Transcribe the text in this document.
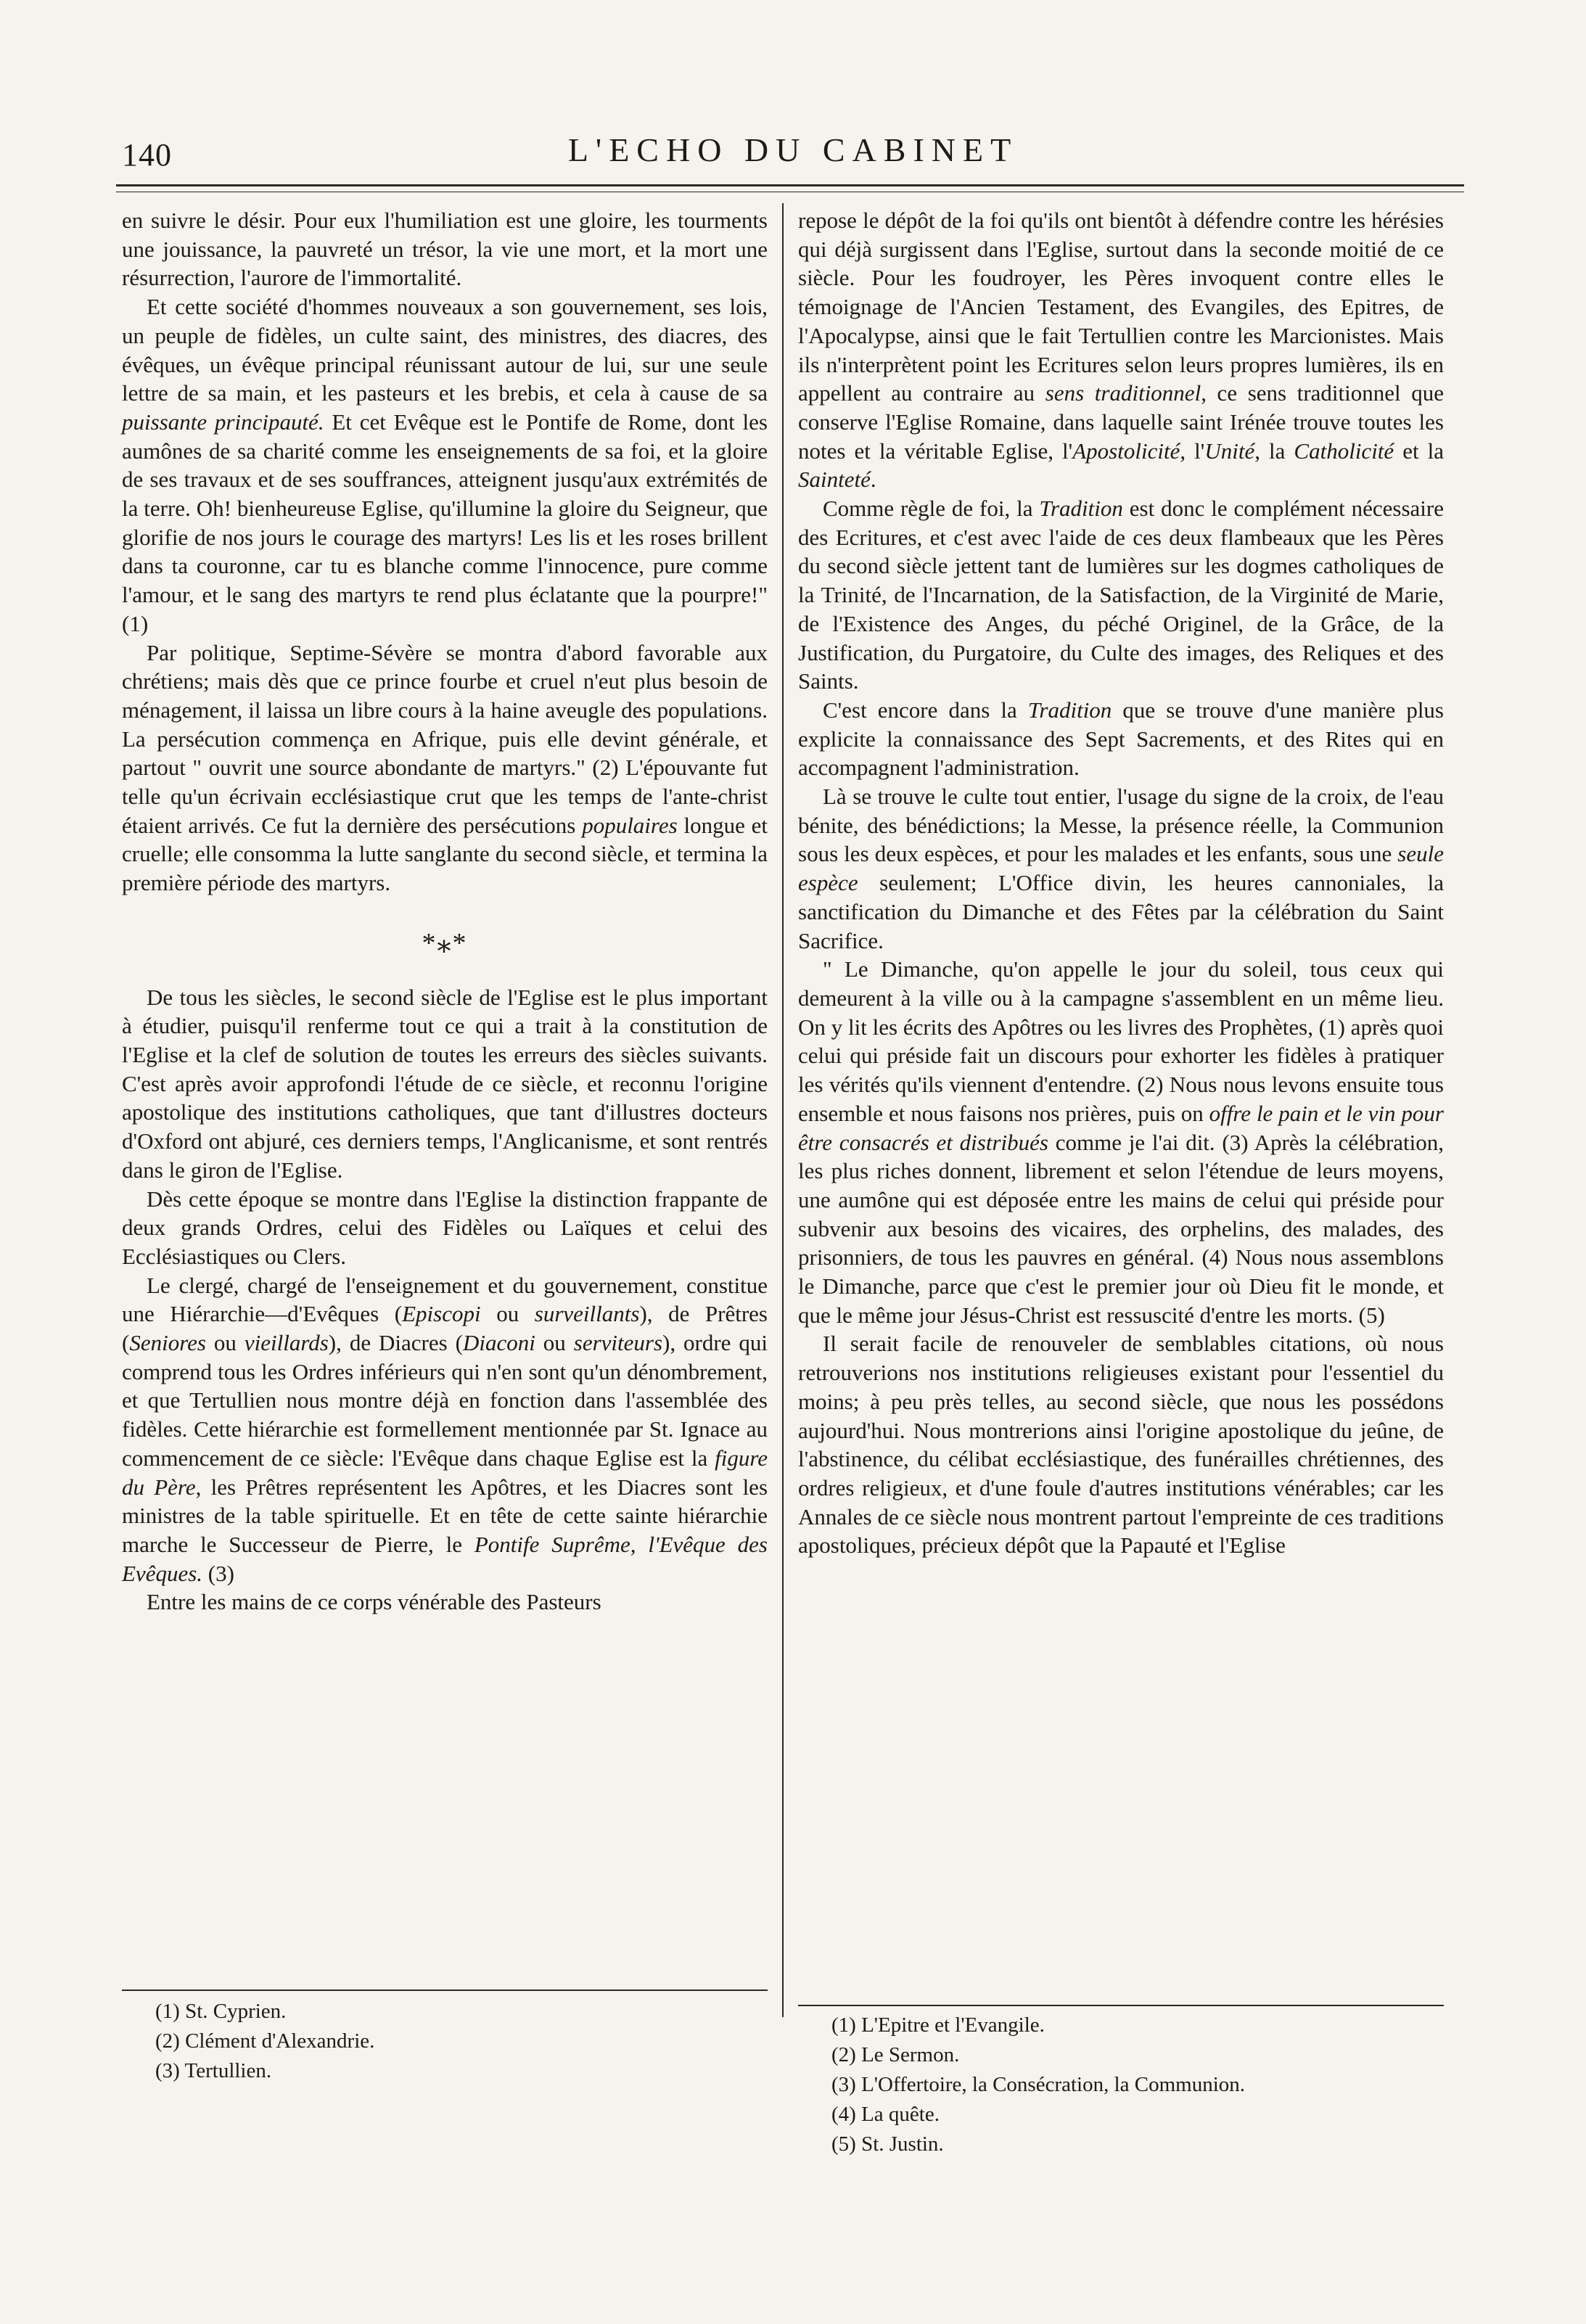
140	L'ECHO DU CABINET

en suivre le désir. Pour eux l'humiliation est une gloire, les tourments une jouissance, la pauvreté un trésor, la vie une mort, et la mort une résurrection, l'aurore de l'immortalité.

Et cette société d'hommes nouveaux a son gouvernement, ses lois, un peuple de fidèles, un culte saint, des ministres, des diacres, des évêques, un évêque principal réunissant autour de lui, sur une seule lettre de sa main, et les pasteurs et les brebis, et cela à cause de sa puissante principauté. Et cet Evêque est le Pontife de Rome, dont les aumônes de sa charité comme les enseignements de sa foi, et la gloire de ses travaux et de ses souffrances, atteignent jusqu'aux extrémités de la terre. Oh! bienheureuse Eglise, qu'illumine la gloire du Seigneur, que glorifie de nos jours le courage des martyrs! Les lis et les roses brillent dans ta couronne, car tu es blanche comme l'innocence, pure comme l'amour, et le sang des martyrs te rend plus éclatante que la pourpre!" (1)

Par politique, Septime-Sévère se montra d'abord favorable aux chrétiens; mais dès que ce prince fourbe et cruel n'eut plus besoin de ménagement, il laissa un libre cours à la haine aveugle des populations. La persécution commença en Afrique, puis elle devint générale, et partout " ouvrit une source abondante de martyrs." (2) L'épouvante fut telle qu'un écrivain ecclésiastique crut que les temps de l'ante-christ étaient arrivés. Ce fut la dernière des persécutions populaires longue et cruelle; elle consomma la lutte sanglante du second siècle, et termina la première période des martyrs.

*⁎*

De tous les siècles, le second siècle de l'Eglise est le plus important à étudier, puisqu'il renferme tout ce qui a trait à la constitution de l'Eglise et la clef de solution de toutes les erreurs des siècles suivants. C'est après avoir approfondi l'étude de ce siècle, et reconnu l'origine apostolique des institutions catholiques, que tant d'illustres docteurs d'Oxford ont abjuré, ces derniers temps, l'Anglicanisme, et sont rentrés dans le giron de l'Eglise.

Dès cette époque se montre dans l'Eglise la distinction frappante de deux grands Ordres, celui des Fidèles ou Laïques et celui des Ecclésiastiques ou Clers.

Le clergé, chargé de l'enseignement et du gouvernement, constitue une Hiérarchie—d'Evêques (Episcopi ou surveillants), de Prêtres (Seniores ou vieillards), de Diacres (Diaconi ou serviteurs), ordre qui comprend tous les Ordres inférieurs qui n'en sont qu'un dénombrement, et que Tertullien nous montre déjà en fonction dans l'assemblée des fidèles. Cette hiérarchie est formellement mentionnée par St. Ignace au commencement de ce siècle: l'Evêque dans chaque Eglise est la figure du Père, les Prêtres représentent les Apôtres, et les Diacres sont les ministres de la table spirituelle. Et en tête de cette sainte hiérarchie marche le Successeur de Pierre, le Pontife Suprême, l'Evêque des Evêques. (3)

Entre les mains de ce corps vénérable des Pasteurs

repose le dépôt de la foi qu'ils ont bientôt à défendre contre les hérésies qui déjà surgissent dans l'Eglise, surtout dans la seconde moitié de ce siècle. Pour les foudroyer, les Pères invoquent contre elles le témoignage de l'Ancien Testament, des Evangiles, des Epitres, de l'Apocalypse, ainsi que le fait Tertullien contre les Marcionistes. Mais ils n'interprètent point les Ecritures selon leurs propres lumières, ils en appellent au contraire au sens traditionnel, ce sens traditionnel que conserve l'Eglise Romaine, dans laquelle saint Irénée trouve toutes les notes et la véritable Eglise, l'Apostolicité, l'Unité, la Catholicité et la Sainteté.

Comme règle de foi, la Tradition est donc le complément nécessaire des Ecritures, et c'est avec l'aide de ces deux flambeaux que les Pères du second siècle jettent tant de lumières sur les dogmes catholiques de la Trinité, de l'Incarnation, de la Satisfaction, de la Virginité de Marie, de l'Existence des Anges, du péché Originel, de la Grâce, de la Justification, du Purgatoire, du Culte des images, des Reliques et des Saints.

C'est encore dans la Tradition que se trouve d'une manière plus explicite la connaissance des Sept Sacrements, et des Rites qui en accompagnent l'administration.

Là se trouve le culte tout entier, l'usage du signe de la croix, de l'eau bénite, des bénédictions; la Messe, la présence réelle, la Communion sous les deux espèces, et pour les malades et les enfants, sous une seule espèce seulement; L'Office divin, les heures cannoniales, la sanctification du Dimanche et des Fêtes par la célébration du Saint Sacrifice.

" Le Dimanche, qu'on appelle le jour du soleil, tous ceux qui demeurent à la ville ou à la campagne s'assemblent en un même lieu. On y lit les écrits des Apôtres ou les livres des Prophètes, (1) après quoi celui qui préside fait un discours pour exhorter les fidèles à pratiquer les vérités qu'ils viennent d'entendre. (2) Nous nous levons ensuite tous ensemble et nous faisons nos prières, puis on offre le pain et le vin pour être consacrés et distribués comme je l'ai dit. (3) Après la célébration, les plus riches donnent, librement et selon l'étendue de leurs moyens, une aumône qui est déposée entre les mains de celui qui préside pour subvenir aux besoins des vicaires, des orphelins, des malades, des prisonniers, de tous les pauvres en général. (4) Nous nous assemblons le Dimanche, parce que c'est le premier jour où Dieu fit le monde, et que le même jour Jésus-Christ est ressuscité d'entre les morts. (5)

Il serait facile de renouveler de semblables citations, où nous retrouverions nos institutions religieuses existant pour l'essentiel du moins; à peu près telles, au second siècle, que nous les possédons aujourd'hui. Nous montrerions ainsi l'origine apostolique du jeûne, de l'abstinence, du célibat ecclésiastique, des funérailles chrétiennes, des ordres religieux, et d'une foule d'autres institutions vénérables; car les Annales de ce siècle nous montrent partout l'empreinte de ces traditions apostoliques, précieux dépôt que la Papauté et l'Eglise

(1) St. Cyprien.
(2) Clément d'Alexandrie.
(3) Tertullien.
(1) L'Epitre et l'Evangile.
(2) Le Sermon.
(3) L'Offertoire, la Consécration, la Communion.
(4) La quête.
(5) St. Justin.
